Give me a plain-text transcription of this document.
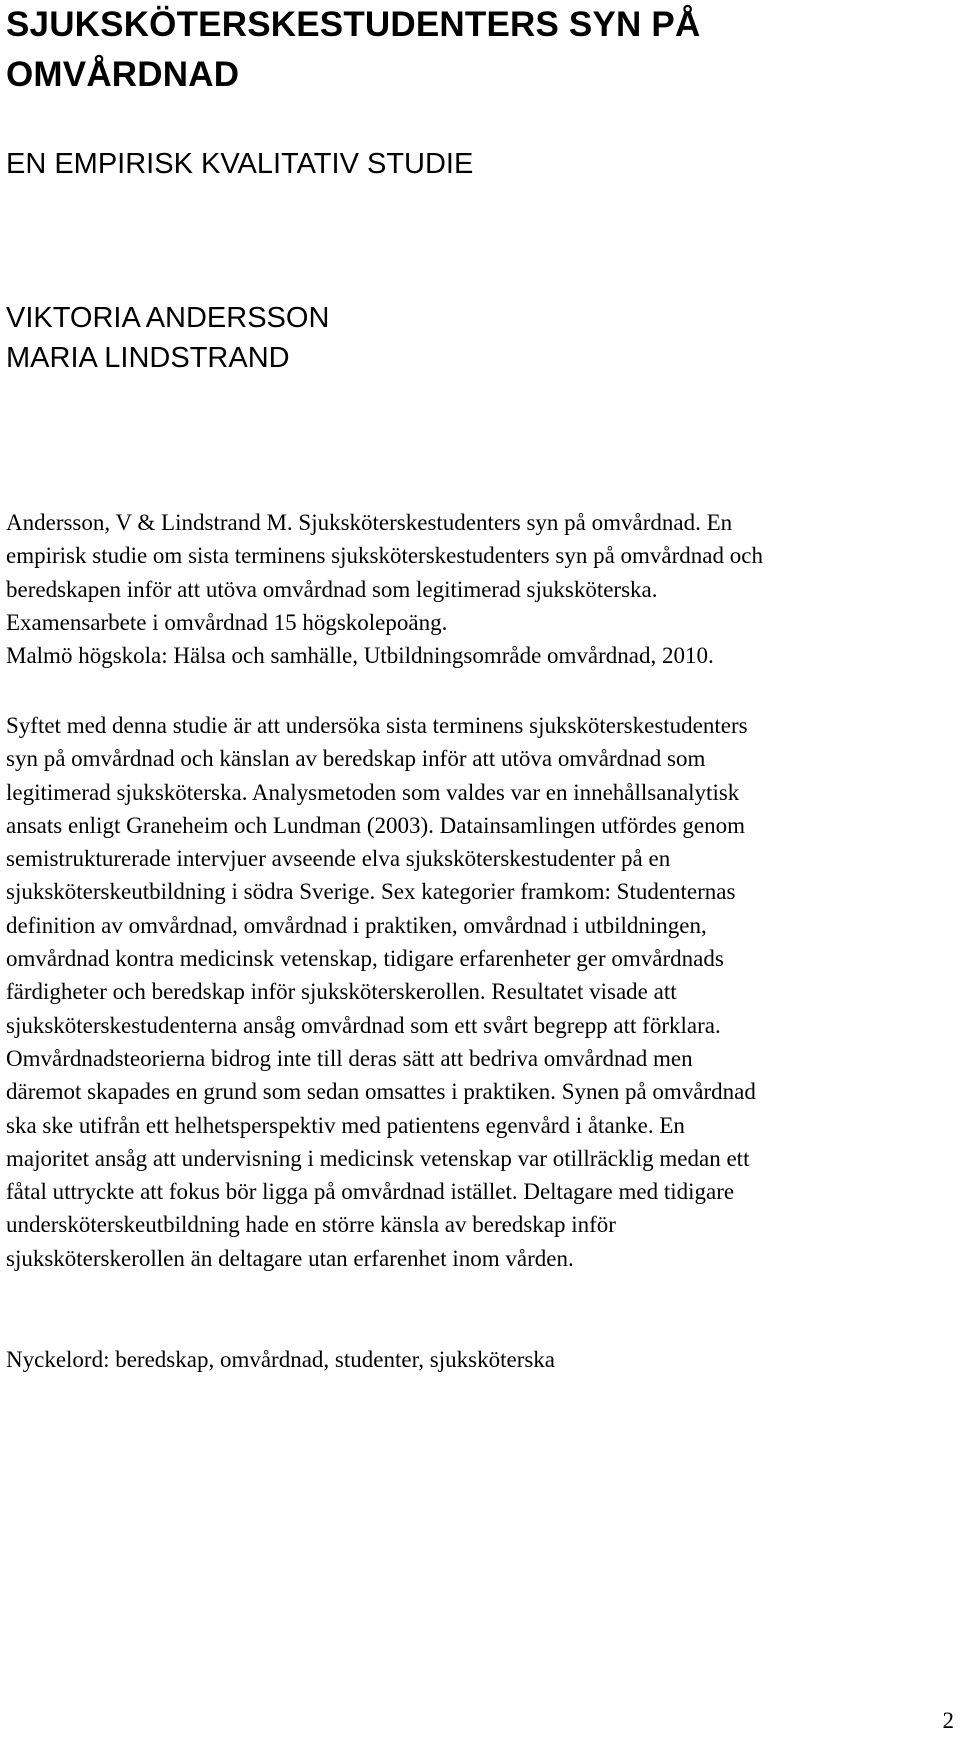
SJUKSKÖTERSKESTUDENTERS SYN PÅ
OMVÅRDNAD
EN EMPIRISK KVALITATIV STUDIE
VIKTORIA ANDERSSON
MARIA LINDSTRAND
Andersson, V & Lindstrand M. Sjuksköterskestudenters syn på omvårdnad. En
empirisk studie om sista terminens sjuksköterskestudenters syn på omvårdnad och
beredskapen inför att utöva omvårdnad som legitimerad sjuksköterska.
Examensarbete i omvårdnad 15 högskolepoäng.
Malmö högskola: Hälsa och samhälle, Utbildningsområde omvårdnad, 2010.
Syftet med denna studie är att undersöka sista terminens sjuksköterskestudenters
syn på omvårdnad och känslan av beredskap inför att utöva omvårdnad som
legitimerad sjuksköterska. Analysmetoden som valdes var en innehållsanalytisk
ansats enligt Graneheim och Lundman (2003). Datainsamlingen utfördes genom
semistrukturerade intervjuer avseende elva sjuksköterskestudenter på en
sjuksköterskeutbildning i södra Sverige. Sex kategorier framkom: Studenternas
definition av omvårdnad, omvårdnad i praktiken, omvårdnad i utbildningen,
omvårdnad kontra medicinsk vetenskap, tidigare erfarenheter ger omvårdnads
färdigheter och beredskap inför sjuksköterskerollen. Resultatet visade att
sjuksköterskestudenterna ansåg omvårdnad som ett svårt begrepp att förklara.
Omvårdnadsteorierna bidrog inte till deras sätt att bedriva omvårdnad men
däremot skapades en grund som sedan omsattes i praktiken. Synen på omvårdnad
ska ske utifrån ett helhetsperspektiv med patientens egenvård i åtanke. En
majoritet ansåg att undervisning i medicinsk vetenskap var otillräcklig medan ett
fåtal uttryckte att fokus bör ligga på omvårdnad istället. Deltagare med tidigare
undersköterskeutbildning hade en större känsla av beredskap inför
sjuksköterskerollen än deltagare utan erfarenhet inom vården.

Nyckelord: beredskap, omvårdnad, studenter, sjuksköterska

2
